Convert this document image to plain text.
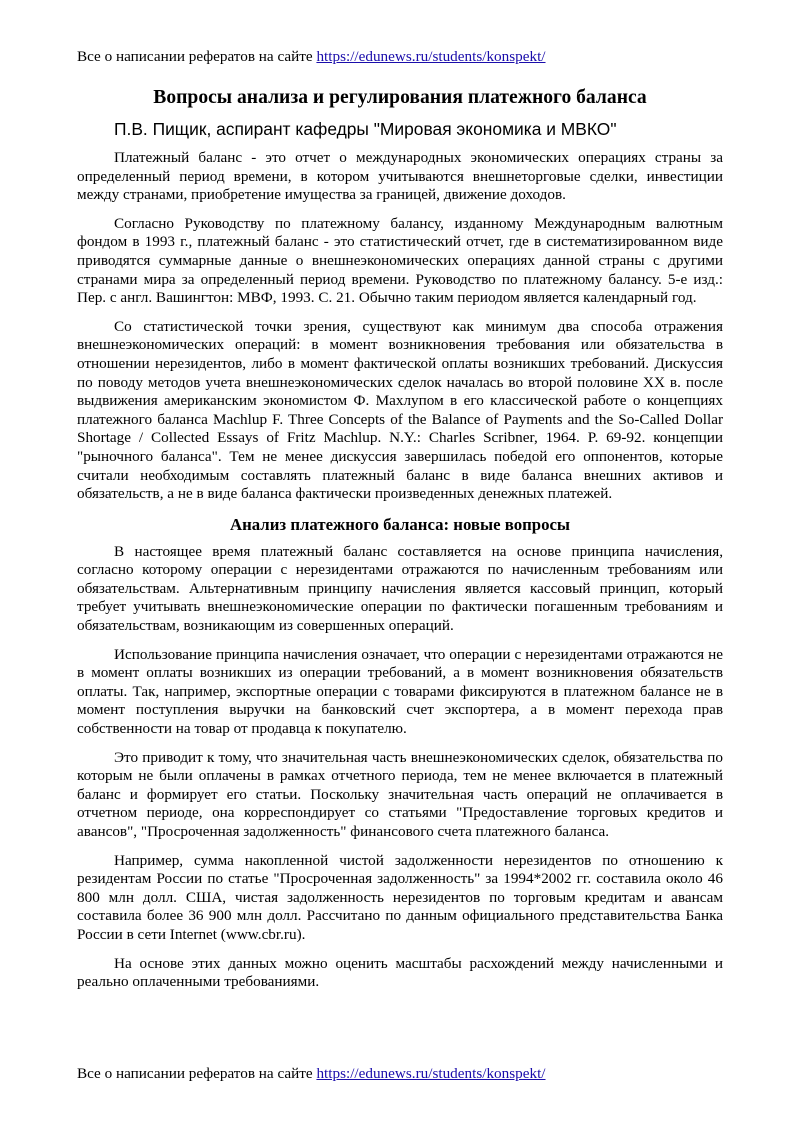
Все о написании рефератов на сайте https://edunews.ru/students/konspekt/
Вопросы анализа и регулирования платежного баланса
П.В. Пищик, аспирант кафедры "Мировая экономика и МВКО"

Платежный баланс - это отчет о международных экономических операциях страны за определенный период времени, в котором учитываются внешнеторговые сделки, инвестиции между странами, приобретение имущества за границей, движение доходов.

Согласно Руководству по платежному балансу, изданному Международным валютным фондом в 1993 г., платежный баланс - это статистический отчет, где в систематизированном виде приводятся суммарные данные о внешнеэкономических операциях данной страны с другими странами мира за определенный период времени. Руководство по платежному балансу. 5-е изд.: Пер. с англ. Вашингтон: МВФ, 1993. С. 21. Обычно таким периодом является календарный год.

Со статистической точки зрения, существуют как минимум два способа отражения внешнеэкономических операций: в момент возникновения требования или обязательства в отношении нерезидентов, либо в момент фактической оплаты возникших требований. Дискуссия по поводу методов учета внешнеэкономических сделок началась во второй половине XX в. после выдвижения американским экономистом Ф. Махлупом в его классической работе о концепциях платежного баланса Machlup F. Three Concepts of the Balance of Payments and the So-Called Dollar Shortage / Collected Essays of Fritz Machlup. N.Y.: Charles Scribner, 1964. P. 69-92. концепции "рыночного баланса". Тем не менее дискуссия завершилась победой его оппонентов, которые считали необходимым составлять платежный баланс в виде баланса внешних активов и обязательств, а не в виде баланса фактически произведенных денежных платежей.

Анализ платежного баланса: новые вопросы

В настоящее время платежный баланс составляется на основе принципа начисления, согласно которому операции с нерезидентами отражаются по начисленным требованиям или обязательствам. Альтернативным принципу начисления является кассовый принцип, который требует учитывать внешнеэкономические операции по фактически погашенным требованиям и обязательствам, возникающим из совершенных операций.

Использование принципа начисления означает, что операции с нерезидентами отражаются не в момент оплаты возникших из операции требований, а в момент возникновения обязательств оплаты. Так, например, экспортные операции с товарами фиксируются в платежном балансе не в момент поступления выручки на банковский счет экспортера, а в момент перехода прав собственности на товар от продавца к покупателю.

Это приводит к тому, что значительная часть внешнеэкономических сделок, обязательства по которым не были оплачены в рамках отчетного периода, тем не менее включается в платежный баланс и формирует его статьи. Поскольку значительная часть операций не оплачивается в отчетном периоде, она корреспондирует со статьями "Предоставление торговых кредитов и авансов", "Просроченная задолженность" финансового счета платежного баланса.

Например, сумма накопленной чистой задолженности нерезидентов по отношению к резидентам России по статье "Просроченная задолженность" за 1994*2002 гг. составила около 46 800 млн долл. США, чистая задолженность нерезидентов по торговым кредитам и авансам составила более 36 900 млн долл. Рассчитано по данным официального представительства Банка России в сети Internet (www.cbr.ru).

На основе этих данных можно оценить масштабы расхождений между начисленными и реально оплаченными требованиями.

Все о написании рефератов на сайте https://edunews.ru/students/konspekt/
